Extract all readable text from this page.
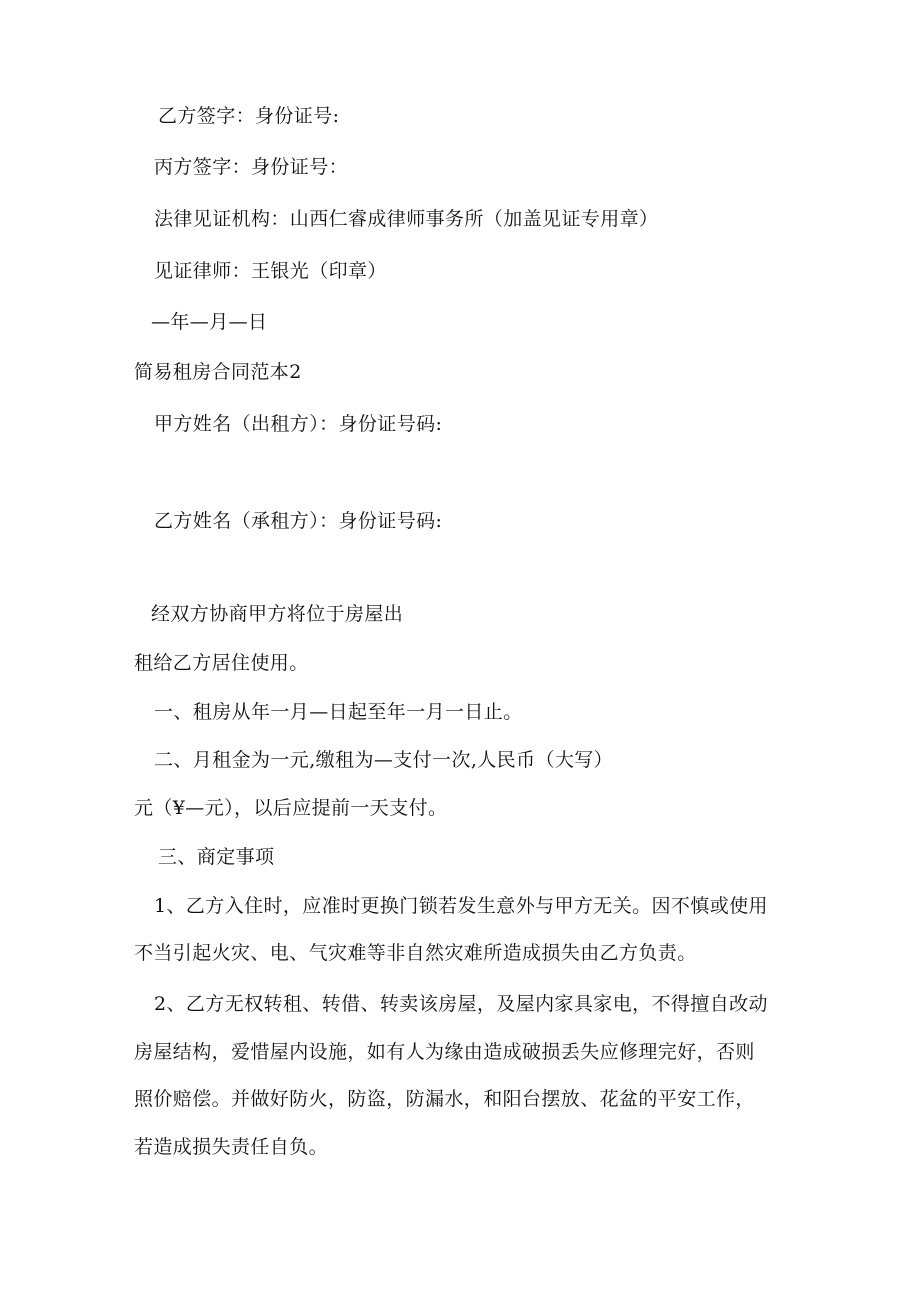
乙方签字：身份证号:
丙方签字：身份证号：
法律见证机构：山西仁睿成律师事务所（加盖见证专用章）
见证律师：王银光（印章）
—年—月—日
简易租房合同范本2
甲方姓名（出租方）：身份证号码:
乙方姓名（承租方）：身份证号码:
经双方协商甲方将位于房屋出
租给乙方居住使用。
一、租房从年一月—日起至年一月一日止。
二、月租金为一元,缴租为—支付一次,人民币（大写）
元（¥—元），以后应提前一天支付。
三、商定事项
1、乙方入住时，应准时更换门锁若发生意外与甲方无关。因不慎或使用
不当引起火灾、电、气灾难等非自然灾难所造成损失由乙方负责。
2、乙方无权转租、转借、转卖该房屋，及屋内家具家电，不得擅自改动
房屋结构，爱惜屋内设施，如有人为缘由造成破损丢失应修理完好，否则
照价赔偿。并做好防火，防盗，防漏水，和阳台摆放、花盆的平安工作，
若造成损失责任自负。
